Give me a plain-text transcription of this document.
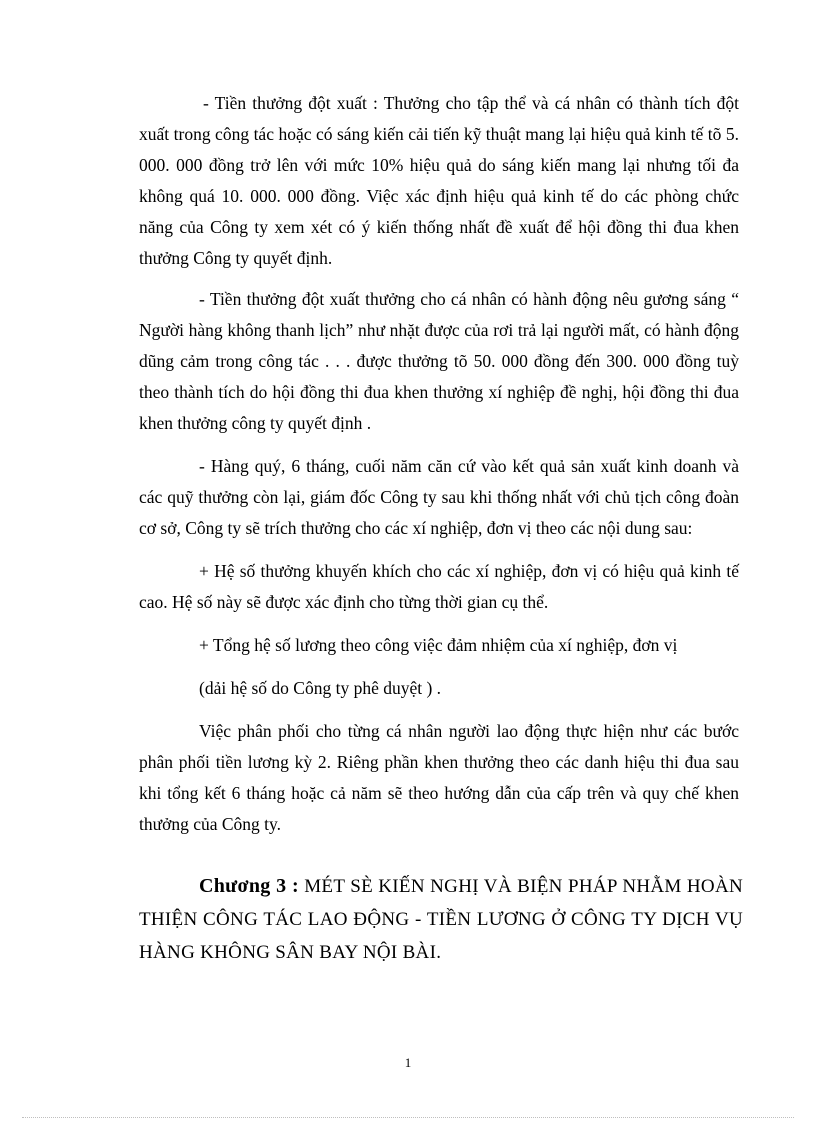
- Tiền thưởng đột xuất : Thưởng cho tập thể và cá nhân có thành tích đột xuất trong công tác hoặc có sáng kiến cải tiến kỹ thuật mang lại hiệu quả kinh tế tõ 5. 000. 000 đồng trở lên với mức 10% hiệu quả do sáng kiến mang lại nhưng tối đa không quá 10. 000. 000 đồng. Việc xác định hiệu quả kinh tế do các phòng chức năng của Công ty xem xét có ý kiến thống nhất đề xuất để hội đồng thi đua khen thưởng Công ty quyết định.

- Tiền thưởng đột xuất thưởng cho cá nhân có hành động nêu gương sáng “ Người hàng không thanh lịch” như nhặt được của rơi trả lại người mất, có hành động dũng cảm trong công tác . . . được thưởng tõ 50. 000 đồng đến 300. 000 đồng tuỳ theo thành tích do hội đồng thi đua khen thưởng xí nghiệp đề nghị, hội đồng thi đua khen thưởng công ty quyết định .

- Hàng quý, 6 tháng, cuối năm căn cứ vào kết quả sản xuất kinh doanh và các quỹ thưởng còn lại, giám đốc Công ty sau khi thống nhất với chủ tịch công đoàn cơ sở, Công ty sẽ trích thưởng cho các xí nghiệp, đơn vị theo các nội dung sau:

+ Hệ số thưởng khuyến khích cho các xí nghiệp, đơn vị có hiệu quả kinh tế cao. Hệ số này sẽ được xác định cho từng thời gian cụ thể.

+ Tổng hệ số lương theo công việc đảm nhiệm của xí nghiệp, đơn vị

(dải hệ số do Công ty phê duyệt ) .

Việc phân phối cho từng cá nhân người lao động thực hiện như các bước phân phối tiền lương kỳ 2. Riêng phần khen thưởng theo các danh hiệu thi đua sau khi tổng kết 6 tháng hoặc cả năm sẽ theo hướng dẫn của cấp trên và quy chế khen thưởng của Công ty.

Chương 3 : MÉT SÈ KIẾN NGHỊ VÀ BIỆN PHÁP NHẰM HOÀN THIỆN CÔNG TÁC LAO ĐỘNG - TIỀN LƯƠNG Ở CÔNG TY DỊCH VỤ HÀNG KHÔNG SÂN BAY NỘI BÀI.

1
